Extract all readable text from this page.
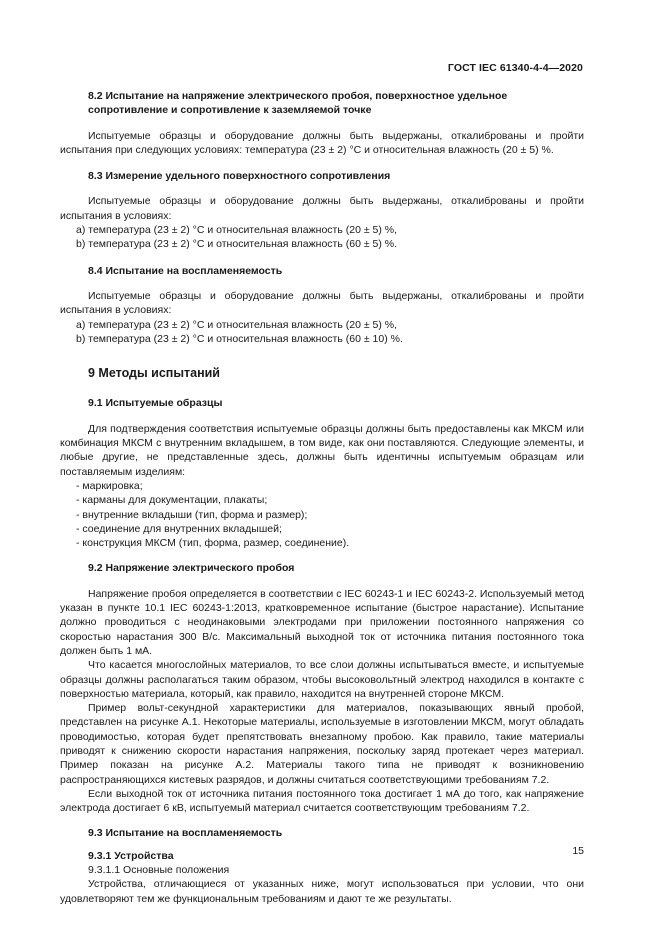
ГОСТ IEC 61340-4-4—2020

8.2 Испытание на напряжение электрического пробоя, поверхностное удельное

сопротивление и сопротивление к заземляемой точке

Испытуемые образцы и оборудование должны быть выдержаны, откалиброваны и пройти испытания при следующих условиях: температура (23 ± 2) °С и относительная влажность (20 ± 5) %.

8.3 Измерение удельного поверхностного сопротивления

Испытуемые образцы и оборудование должны быть выдержаны, откалиброваны и пройти испытания в условиях:

a) температура (23 ± 2) °С и относительная влажность (20 ± 5) %,

b) температура (23 ± 2) °С и относительная влажность (60 ± 5) %.

8.4 Испытание на воспламеняемость

Испытуемые образцы и оборудование должны быть выдержаны, откалиброваны и пройти испытания в условиях:

a) температура (23 ± 2) °С и относительная влажность (20 ± 5) %,

b) температура (23 ± 2) °С и относительная влажность (60 ± 10) %.

9 Методы испытаний

9.1 Испытуемые образцы

Для подтверждения соответствия испытуемые образцы должны быть предоставлены как МКСМ или комбинация МКСМ с внутренним вкладышем, в том виде, как они поставляются. Следующие элементы, и любые другие, не представленные здесь, должны быть идентичны испытуемым образцам или поставляемым изделиям:

- маркировка;

- карманы для документации, плакаты;

- внутренние вкладыши (тип, форма и размер);

- соединение для внутренних вкладышей;

- конструкция МКСМ (тип, форма, размер, соединение).

9.2 Напряжение электрического пробоя

Напряжение пробоя определяется в соответствии с IEC 60243-1 и IEC 60243-2. Используемый метод указан в пункте 10.1 IEC 60243-1:2013, кратковременное испытание (быстрое нарастание). Испытание должно проводиться с неодинаковыми электродами при приложении постоянного напряжения со скоростью нарастания 300 В/с. Максимальный выходной ток от источника питания постоянного тока должен быть 1 мА.

Что касается многослойных материалов, то все слои должны испытываться вместе, и испытуемые образцы должны располагаться таким образом, чтобы высоковольтный электрод находился в контакте с поверхностью материала, который, как правило, находится на внутренней стороне МКСМ.

Пример вольт-секундной характеристики для материалов, показывающих явный пробой, представлен на рисунке А.1. Некоторые материалы, используемые в изготовлении МКСМ, могут обладать проводимостью, которая будет препятствовать внезапному пробою. Как правило, такие материалы приводят к снижению скорости нарастания напряжения, поскольку заряд протекает через материал. Пример показан на рисунке А.2. Материалы такого типа не приводят к возникновению распространяющихся кистевых разрядов, и должны считаться соответствующими требованиям 7.2.

Если выходной ток от источника питания постоянного тока достигает 1 мА до того, как напряжение электрода достигает 6 кВ, испытуемый материал считается соответствующим требованиям 7.2.

9.3 Испытание на воспламеняемость

9.3.1 Устройства

9.3.1.1 Основные положения

Устройства, отличающиеся от указанных ниже, могут использоваться при условии, что они удовлетворяют тем же функциональным требованиям и дают те же результаты.

15
